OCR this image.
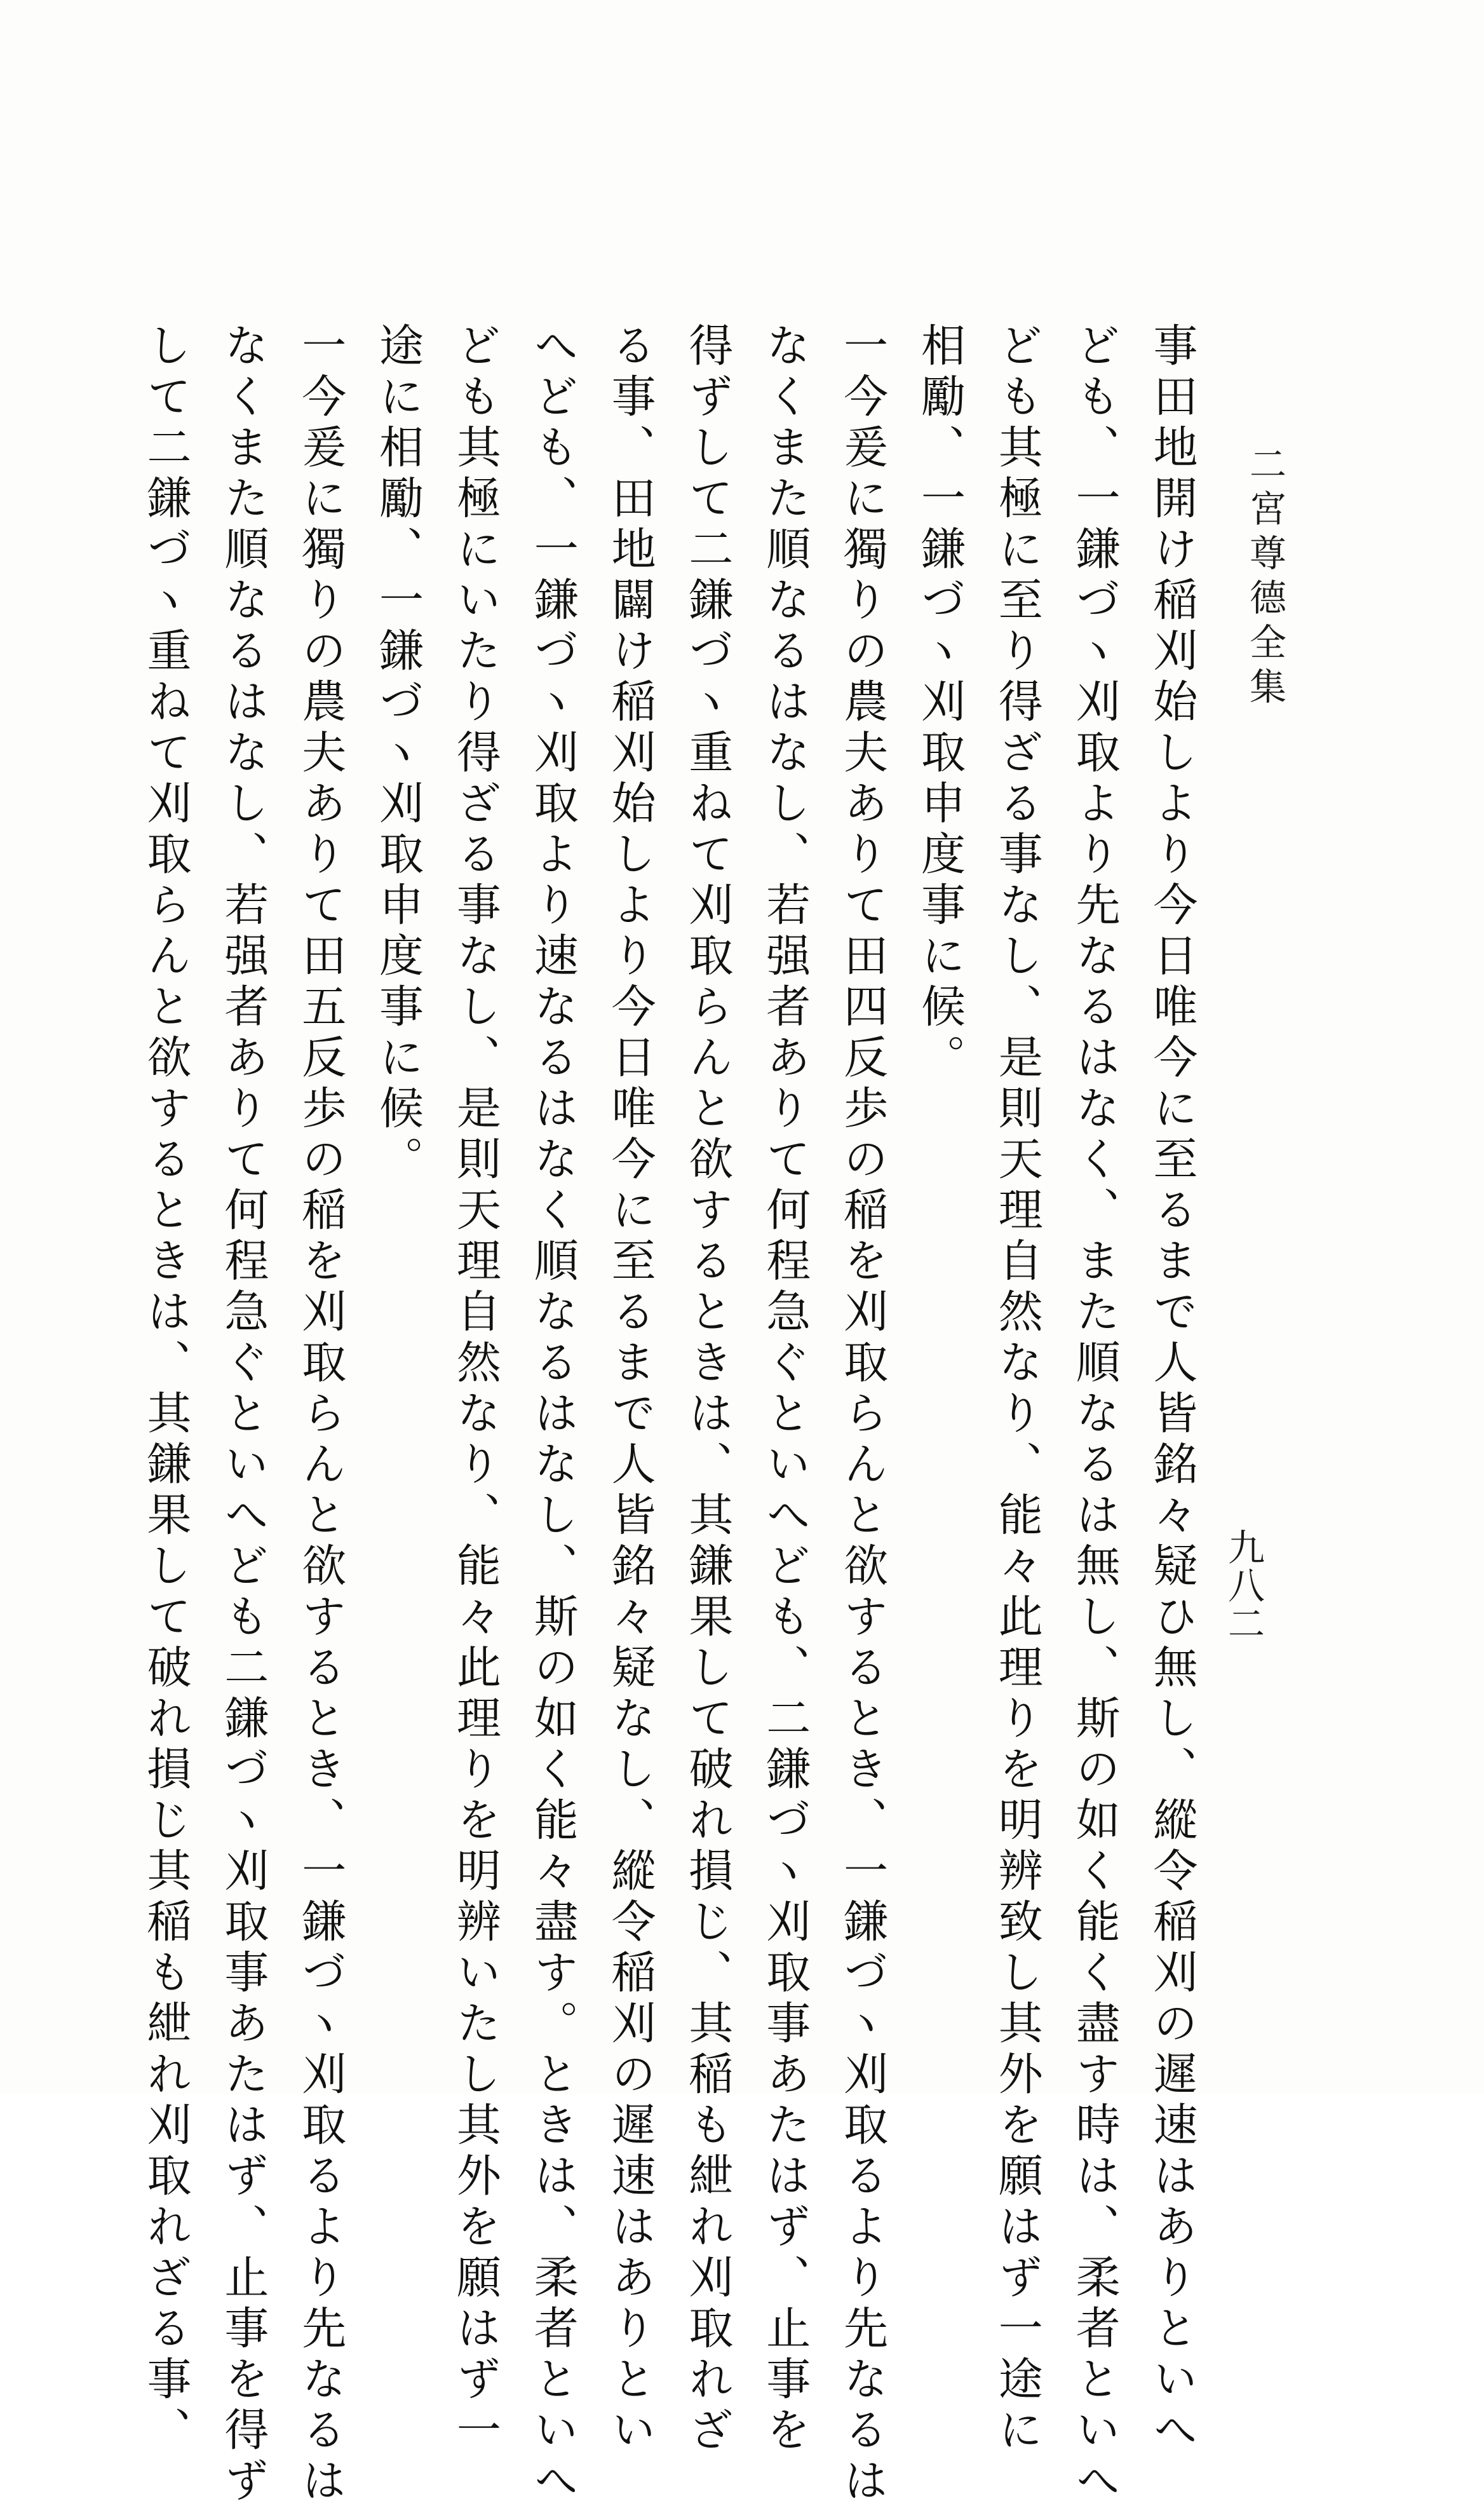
二宮尊德全集
九八二
事田地開け稲刈始しより今日唯今に至るまで人皆銘々疑ひ無し、縱令稲刈の遲速はありといへ
ども、一鎌づヽ刈取より先なるはなく、また順なるは無し、斯の如く能く盡す時は、柔者といへ
ども其極に至り得ざる事なし、是則天理自然なり、能々此理りを明辨致し其外を願はず一途に
相勵、一鎌づヽ刈取申度事に候。
一今爰に獨りの農夫ありて田四反歩の稲を刈取らんと欲するとき、一鎌づヽ刈取るより先なるは
なくまた順なるはなし、若强者ありて何程急ぐといへども、二鎌づヽ刈取事あたはず、止事を
得ずして二鎌づヽ重ねて刈取らんと欲するときは、其鎌果して破れ損じ、其稲も紲れ刈取れざ
る事、田地闢け稲刈始しより今日唯今に至るまで人皆銘々疑なし、縱令稲刈の遲速はありとい
へども、一鎌づヽ刈取より速なるはなく順なるはなし、斯の如く能々盡す。ときは、柔者といへ
ども其極にいたり得ざる事なし、是則天理自然なり、能々此理りを明辨いたし其外を願はず一
途に相勵、一鎌づヽ刈取申度事に候。
一今爰に獨りの農夫ありて田五反歩の稲を刈取らんと欲するとき、一鎌づヽ刈取るより先なるは
なくまた順なるはなし、若强者ありて何程急ぐといへども二鎌づヽ刈取事あたはず、止事を得ず
して二鎌づヽ重ねて刈取らんと欲するときは、其鎌果して破れ損じ其稲も紲れ刈取れざる事、
